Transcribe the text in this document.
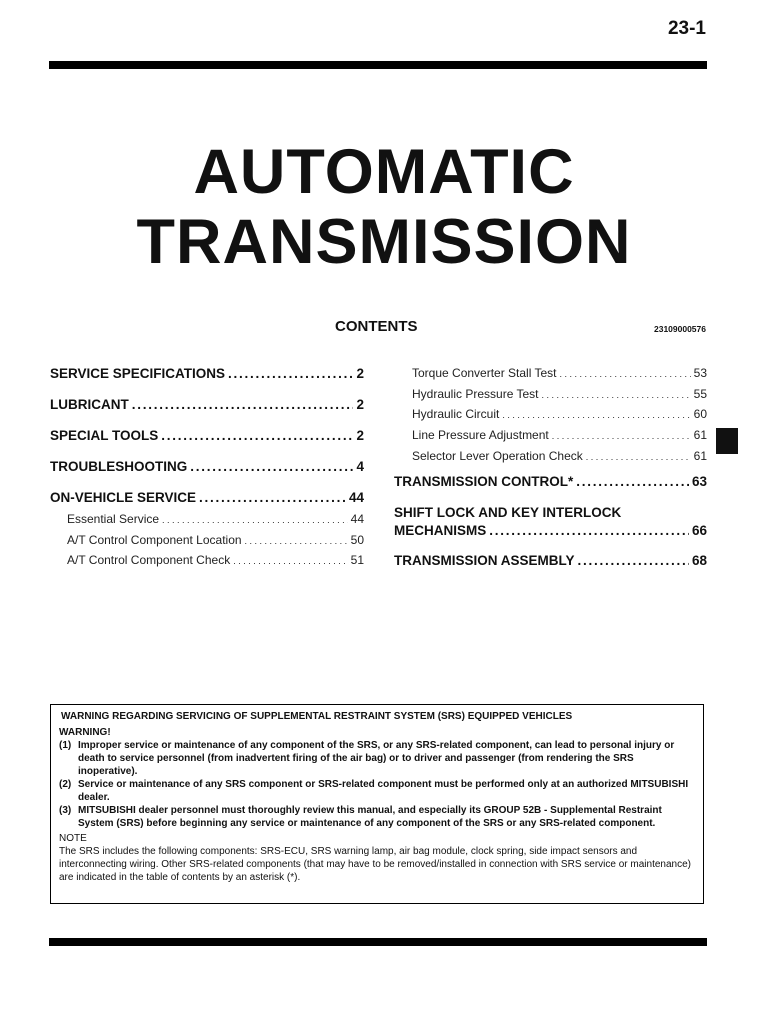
23-1
AUTOMATIC
TRANSMISSION
CONTENTS	23109000576
SERVICE SPECIFICATIONS . . .	2
LUBRICANT . . .	2
SPECIAL TOOLS . . .	2
TROUBLESHOOTING . . .	4
ON-VEHICLE SERVICE . . .	44
Essential Service . . .	44
A/T Control Component Location . . .	50
A/T Control Component Check . . .	51
Torque Converter Stall Test . . .	53
Hydraulic Pressure Test . . .	55
Hydraulic Circuit . . .	60
Line Pressure Adjustment . . .	61
Selector Lever Operation Check . . .	61
TRANSMISSION CONTROL* . . .	63
SHIFT LOCK AND KEY INTERLOCK
MECHANISMS . . .	66
TRANSMISSION ASSEMBLY . . .	68
WARNING REGARDING SERVICING OF SUPPLEMENTAL RESTRAINT SYSTEM (SRS) EQUIPPED VEHICLES
WARNING!
(1) Improper service or maintenance of any component of the SRS, or any SRS-related component, can lead to personal injury or death to service personnel (from inadvertent firing of the air bag) or to driver and passenger (from rendering the SRS inoperative).
(2) Service or maintenance of any SRS component or SRS-related component must be performed only at an authorized MITSUBISHI dealer.
(3) MITSUBISHI dealer personnel must thoroughly review this manual, and especially its GROUP 52B - Supplemental Restraint System (SRS) before beginning any service or maintenance of any component of the SRS or any SRS-related component.
NOTE
The SRS includes the following components: SRS-ECU, SRS warning lamp, air bag module, clock spring, side impact sensors and interconnecting wiring. Other SRS-related components (that may have to be removed/installed in connection with SRS service or maintenance) are indicated in the table of contents by an asterisk (*).
